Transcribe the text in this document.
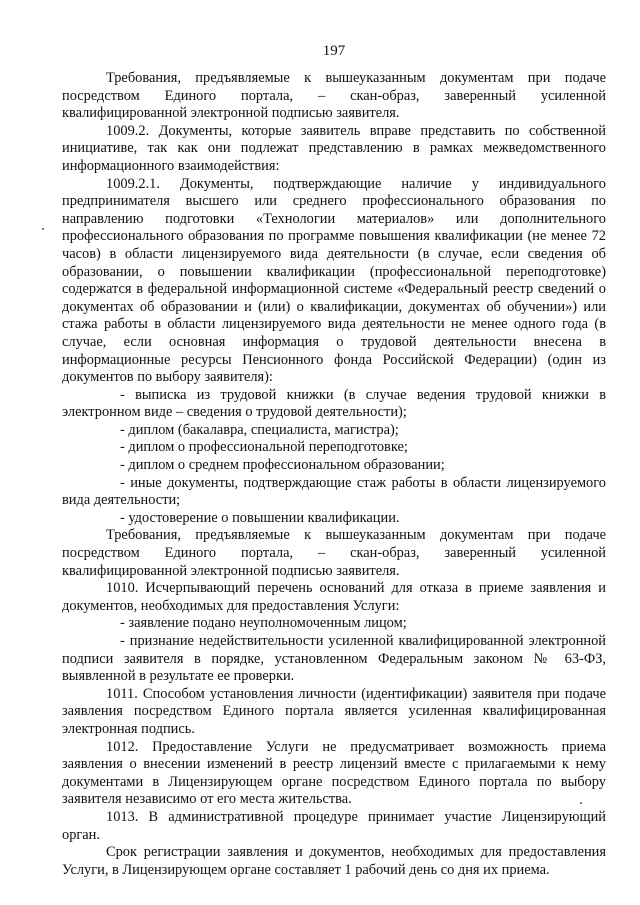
197

Требования, предъявляемые к вышеуказанным документам при подаче посредством Единого портала, – скан-образ, заверенный усиленной квалифицированной электронной подписью заявителя.

1009.2. Документы, которые заявитель вправе представить по собственной инициативе, так как они подлежат представлению в рамках межведомственного информационного взаимодействия:

1009.2.1. Документы, подтверждающие наличие у индивидуального предпринимателя высшего или среднего профессионального образования по направлению подготовки «Технологии материалов» или дополнительного профессионального образования по программе повышения квалификации (не менее 72 часов) в области лицензируемого вида деятельности (в случае, если сведения об образовании, о повышении квалификации (профессиональной переподготовке) содержатся в федеральной информационной системе «Федеральный реестр сведений о документах об образовании и (или) о квалификации, документах об обучении») или стажа работы в области лицензируемого вида деятельности не менее одного года (в случае, если основная информация о трудовой деятельности внесена в информационные ресурсы Пенсионного фонда Российской Федерации) (один из документов по выбору заявителя):

- выписка из трудовой книжки (в случае ведения трудовой книжки в электронном виде – сведения о трудовой деятельности);

- диплом (бакалавра, специалиста, магистра);

- диплом о профессиональной переподготовке;

- диплом о среднем профессиональном образовании;

- иные документы, подтверждающие стаж работы в области лицензируемого вида деятельности;

- удостоверение о повышении квалификации.

Требования, предъявляемые к вышеуказанным документам при подаче посредством Единого портала, – скан-образ, заверенный усиленной квалифицированной электронной подписью заявителя.

1010. Исчерпывающий перечень оснований для отказа в приеме заявления и документов, необходимых для предоставления Услуги:

- заявление подано неуполномоченным лицом;

- признание недействительности усиленной квалифицированной электронной подписи заявителя в порядке, установленном Федеральным законом № 63-ФЗ, выявленной в результате ее проверки.

1011. Способом установления личности (идентификации) заявителя при подаче заявления посредством Единого портала является усиленная квалифицированная электронная подпись.

1012. Предоставление Услуги не предусматривает возможность приема заявления о внесении изменений в реестр лицензий вместе с прилагаемыми к нему документами в Лицензирующем органе посредством Единого портала по выбору заявителя независимо от его места жительства.

1013. В административной процедуре принимает участие Лицензирующий орган.

Срок регистрации заявления и документов, необходимых для предоставления Услуги, в Лицензирующем органе составляет 1 рабочий день со дня их приема.
